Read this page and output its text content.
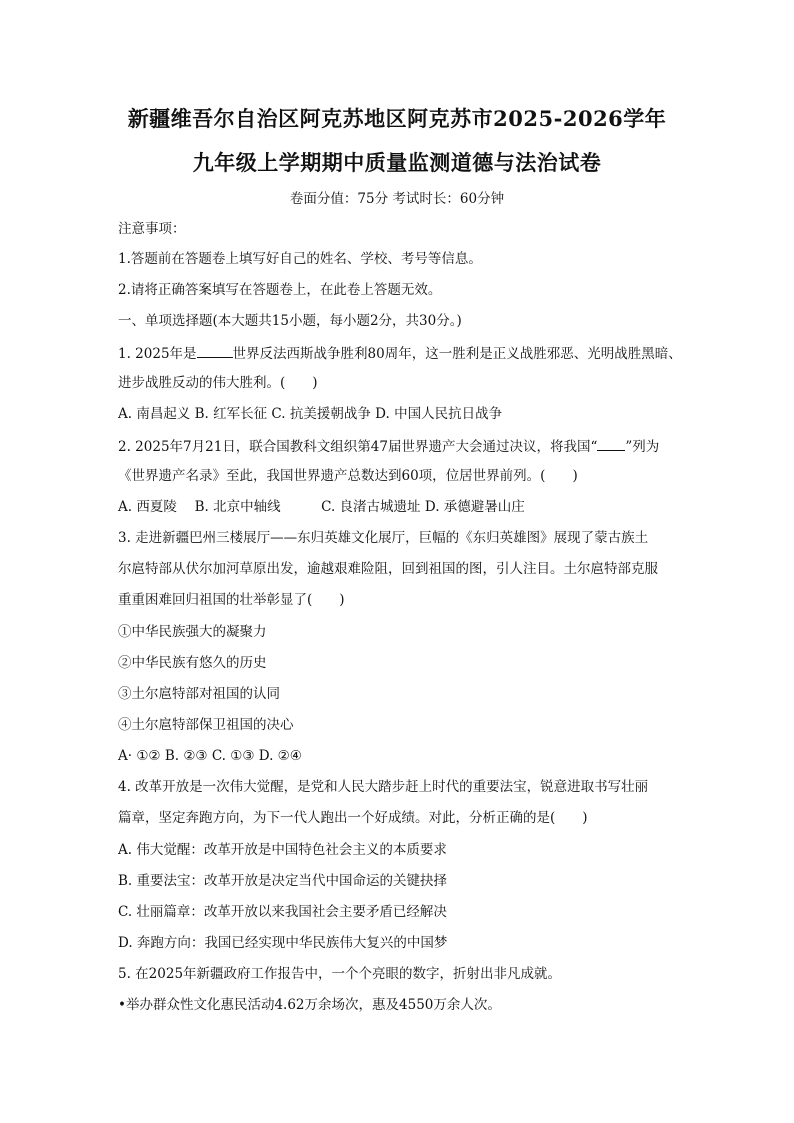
新疆维吾尔自治区阿克苏地区阿克苏市2025-2026学年
九年级上学期期中质量监测道德与法治试卷
卷面分值：75分 考试时长：60分钟
注意事项：
1.答题前在答题卷上填写好自己的姓名、学校、考号等信息。
2.请将正确答案填写在答题卷上，在此卷上答题无效。
一、单项选择题(本大题共15小题，每小题2分，共30分。)
1. 2025年是	世界反法西斯战争胜利80周年，这一胜利是正义战胜邪恶、光明战胜黑暗、
进步战胜反动的伟大胜利。(　　)
A. 南昌起义 B. 红军长征 C. 抗美援朝战争 D. 中国人民抗日战争
2. 2025年7月21日，联合国教科文组织第47届世界遗产大会通过决议，将我国“ ”列为
《世界遗产名录》至此，我国世界遗产总数达到60项，位居世界前列。(　　)
A. 西夏陵　 B. 北京中轴线　　　C. 良渚古城遗址 D. 承德避暑山庄
3. 走进新疆巴州三楼展厅——东归英雄文化展厅，巨幅的《东归英雄图》展现了蒙古族土
尔扈特部从伏尔加河草原出发，逾越艰难险阻，回到祖国的图，引人注目。土尔扈特部克服
重重困难回归祖国的壮举彰显了(　　)
①中华民族强大的凝聚力
②中华民族有悠久的历史
③土尔扈特部对祖国的认同
④土尔扈特部保卫祖国的决心
A· ①② B. ②③ C. ①③ D. ②④
4. 改革开放是一次伟大觉醒，是党和人民大踏步赶上时代的重要法宝，锐意进取书写壮丽
篇章，坚定奔跑方向，为下一代人跑出一个好成绩。对此，分析正确的是(　　)
A. 伟大觉醒：改革开放是中国特色社会主义的本质要求
B. 重要法宝：改革开放是决定当代中国命运的关键抉择
C. 壮丽篇章：改革开放以来我国社会主要矛盾已经解决
D. 奔跑方向：我国已经实现中华民族伟大复兴的中国梦
5. 在2025年新疆政府工作报告中，一个个亮眼的数字，折射出非凡成就。
•举办群众性文化惠民活动4.62万余场次，惠及4550万余人次。
